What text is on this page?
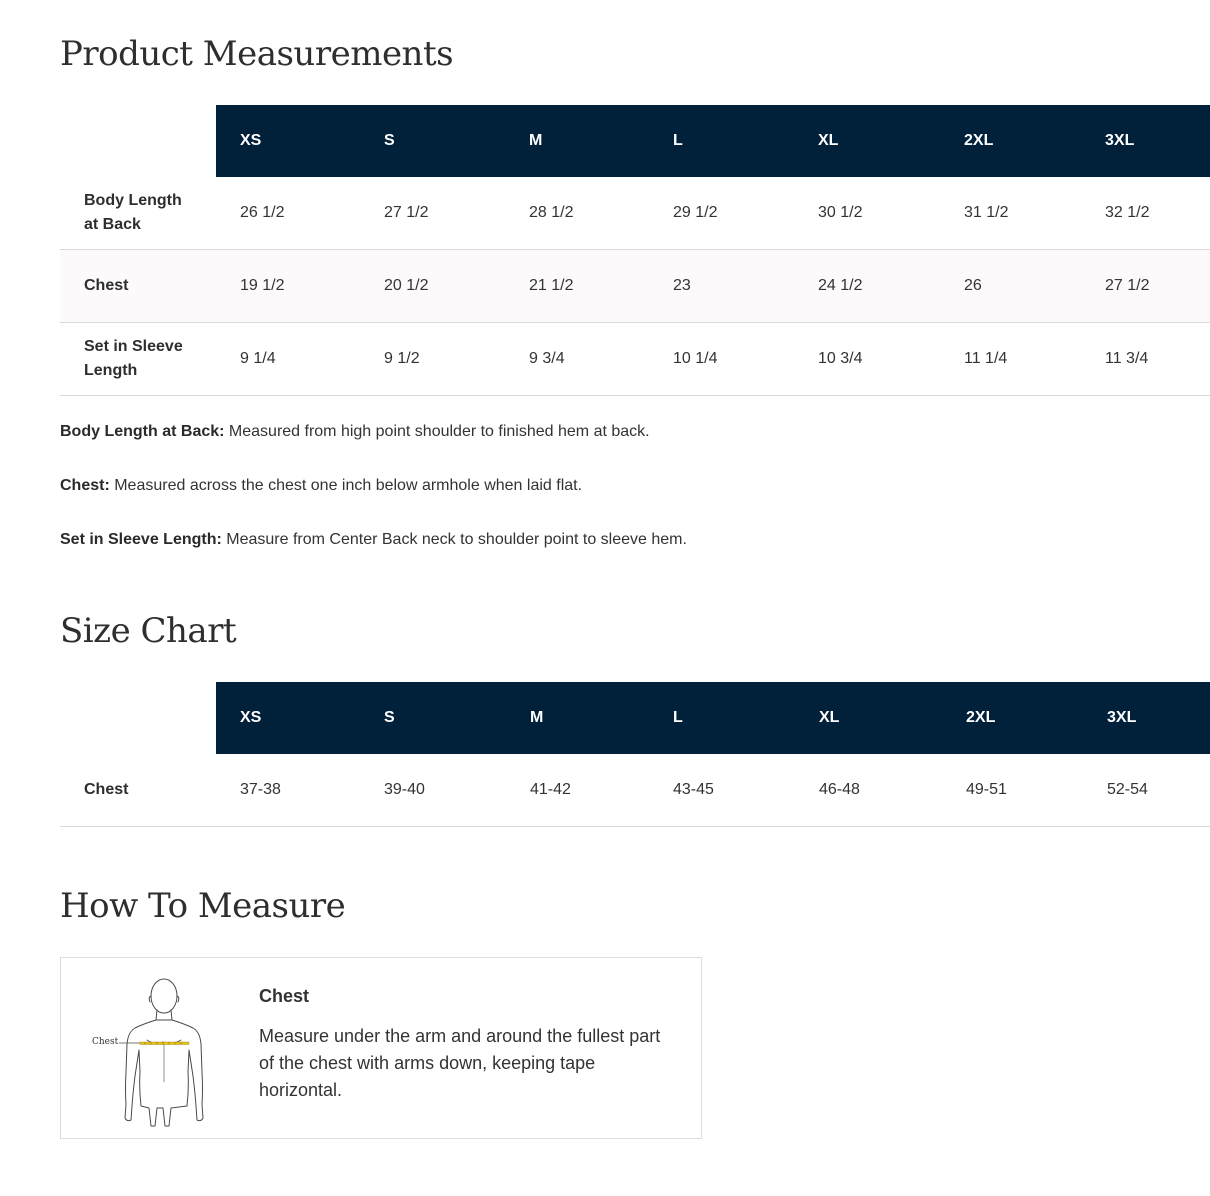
Product Measurements
	XS	S	M	L	XL	2XL	3XL
Body Length at Back	26 1/2	27 1/2	28 1/2	29 1/2	30 1/2	31 1/2	32 1/2
Chest	19 1/2	20 1/2	21 1/2	23	24 1/2	26	27 1/2
Set in Sleeve Length	9 1/4	9 1/2	9 3/4	10 1/4	10 3/4	11 1/4	11 3/4

Body Length at Back: Measured from high point shoulder to finished hem at back.

Chest: Measured across the chest one inch below armhole when laid flat.

Set in Sleeve Length: Measure from Center Back neck to shoulder point to sleeve hem.

Size Chart
	XS	S	M	L	XL	2XL	3XL
Chest	37-38	39-40	41-42	43-45	46-48	49-51	52-54
How To Measure
Chest
Chest

Measure under the arm and around the fullest part of the chest with arms down, keeping tape horizontal.
